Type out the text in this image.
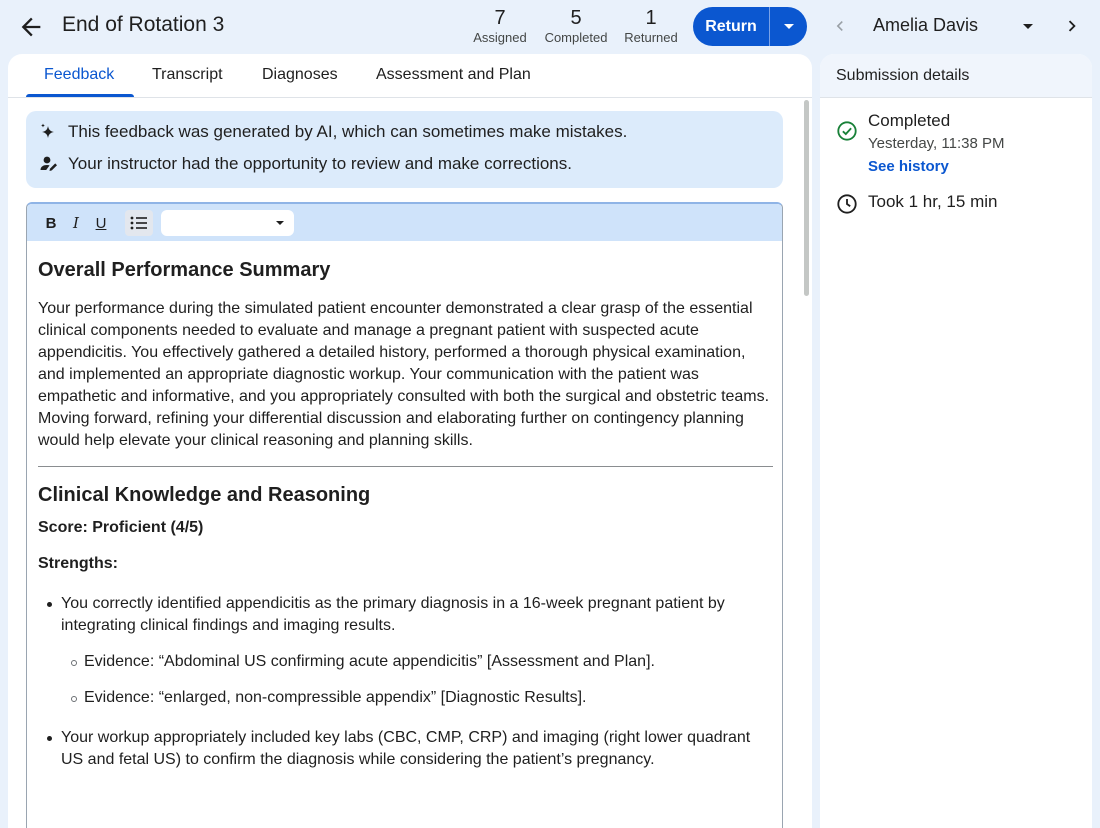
End of Rotation 3	7
Assigned
5
Completed
1
Returned
Return	Amelia Davis
Feedback Transcript Diagnoses Assessment and Plan
This feedback was generated by AI, which can sometimes make mistakes.
Your instructor had the opportunity to review and make corrections.
B	I	U
Overall Performance Summary

Your performance during the simulated patient encounter demonstrated a clear grasp of the essential clinical components needed to evaluate and manage a pregnant patient with suspected acute appendicitis. You effectively gathered a detailed history, performed a thorough physical examination, and implemented an appropriate diagnostic workup. Your communication with the patient was empathetic and informative, and you appropriately consulted with both the surgical and obstetric teams. Moving forward, refining your differential discussion and elaborating further on contingency planning would help elevate your clinical reasoning and planning skills.

Clinical Knowledge and Reasoning
Score: Proficient (4/5)
Strengths:
You correctly identified appendicitis as the primary diagnosis in a 16-week pregnant patient by integrating clinical findings and imaging results.
Evidence: “Abdominal US confirming acute appendicitis” [Assessment and Plan].
Evidence: “enlarged, non-compressible appendix” [Diagnostic Results].
Your workup appropriately included key labs (CBC, CMP, CRP) and imaging (right lower quadrant US and fetal US) to confirm the diagnosis while considering the patient’s pregnancy.
Submission details
Completed
Yesterday, 11:38 PM
See history
Took 1 hr, 15 min
